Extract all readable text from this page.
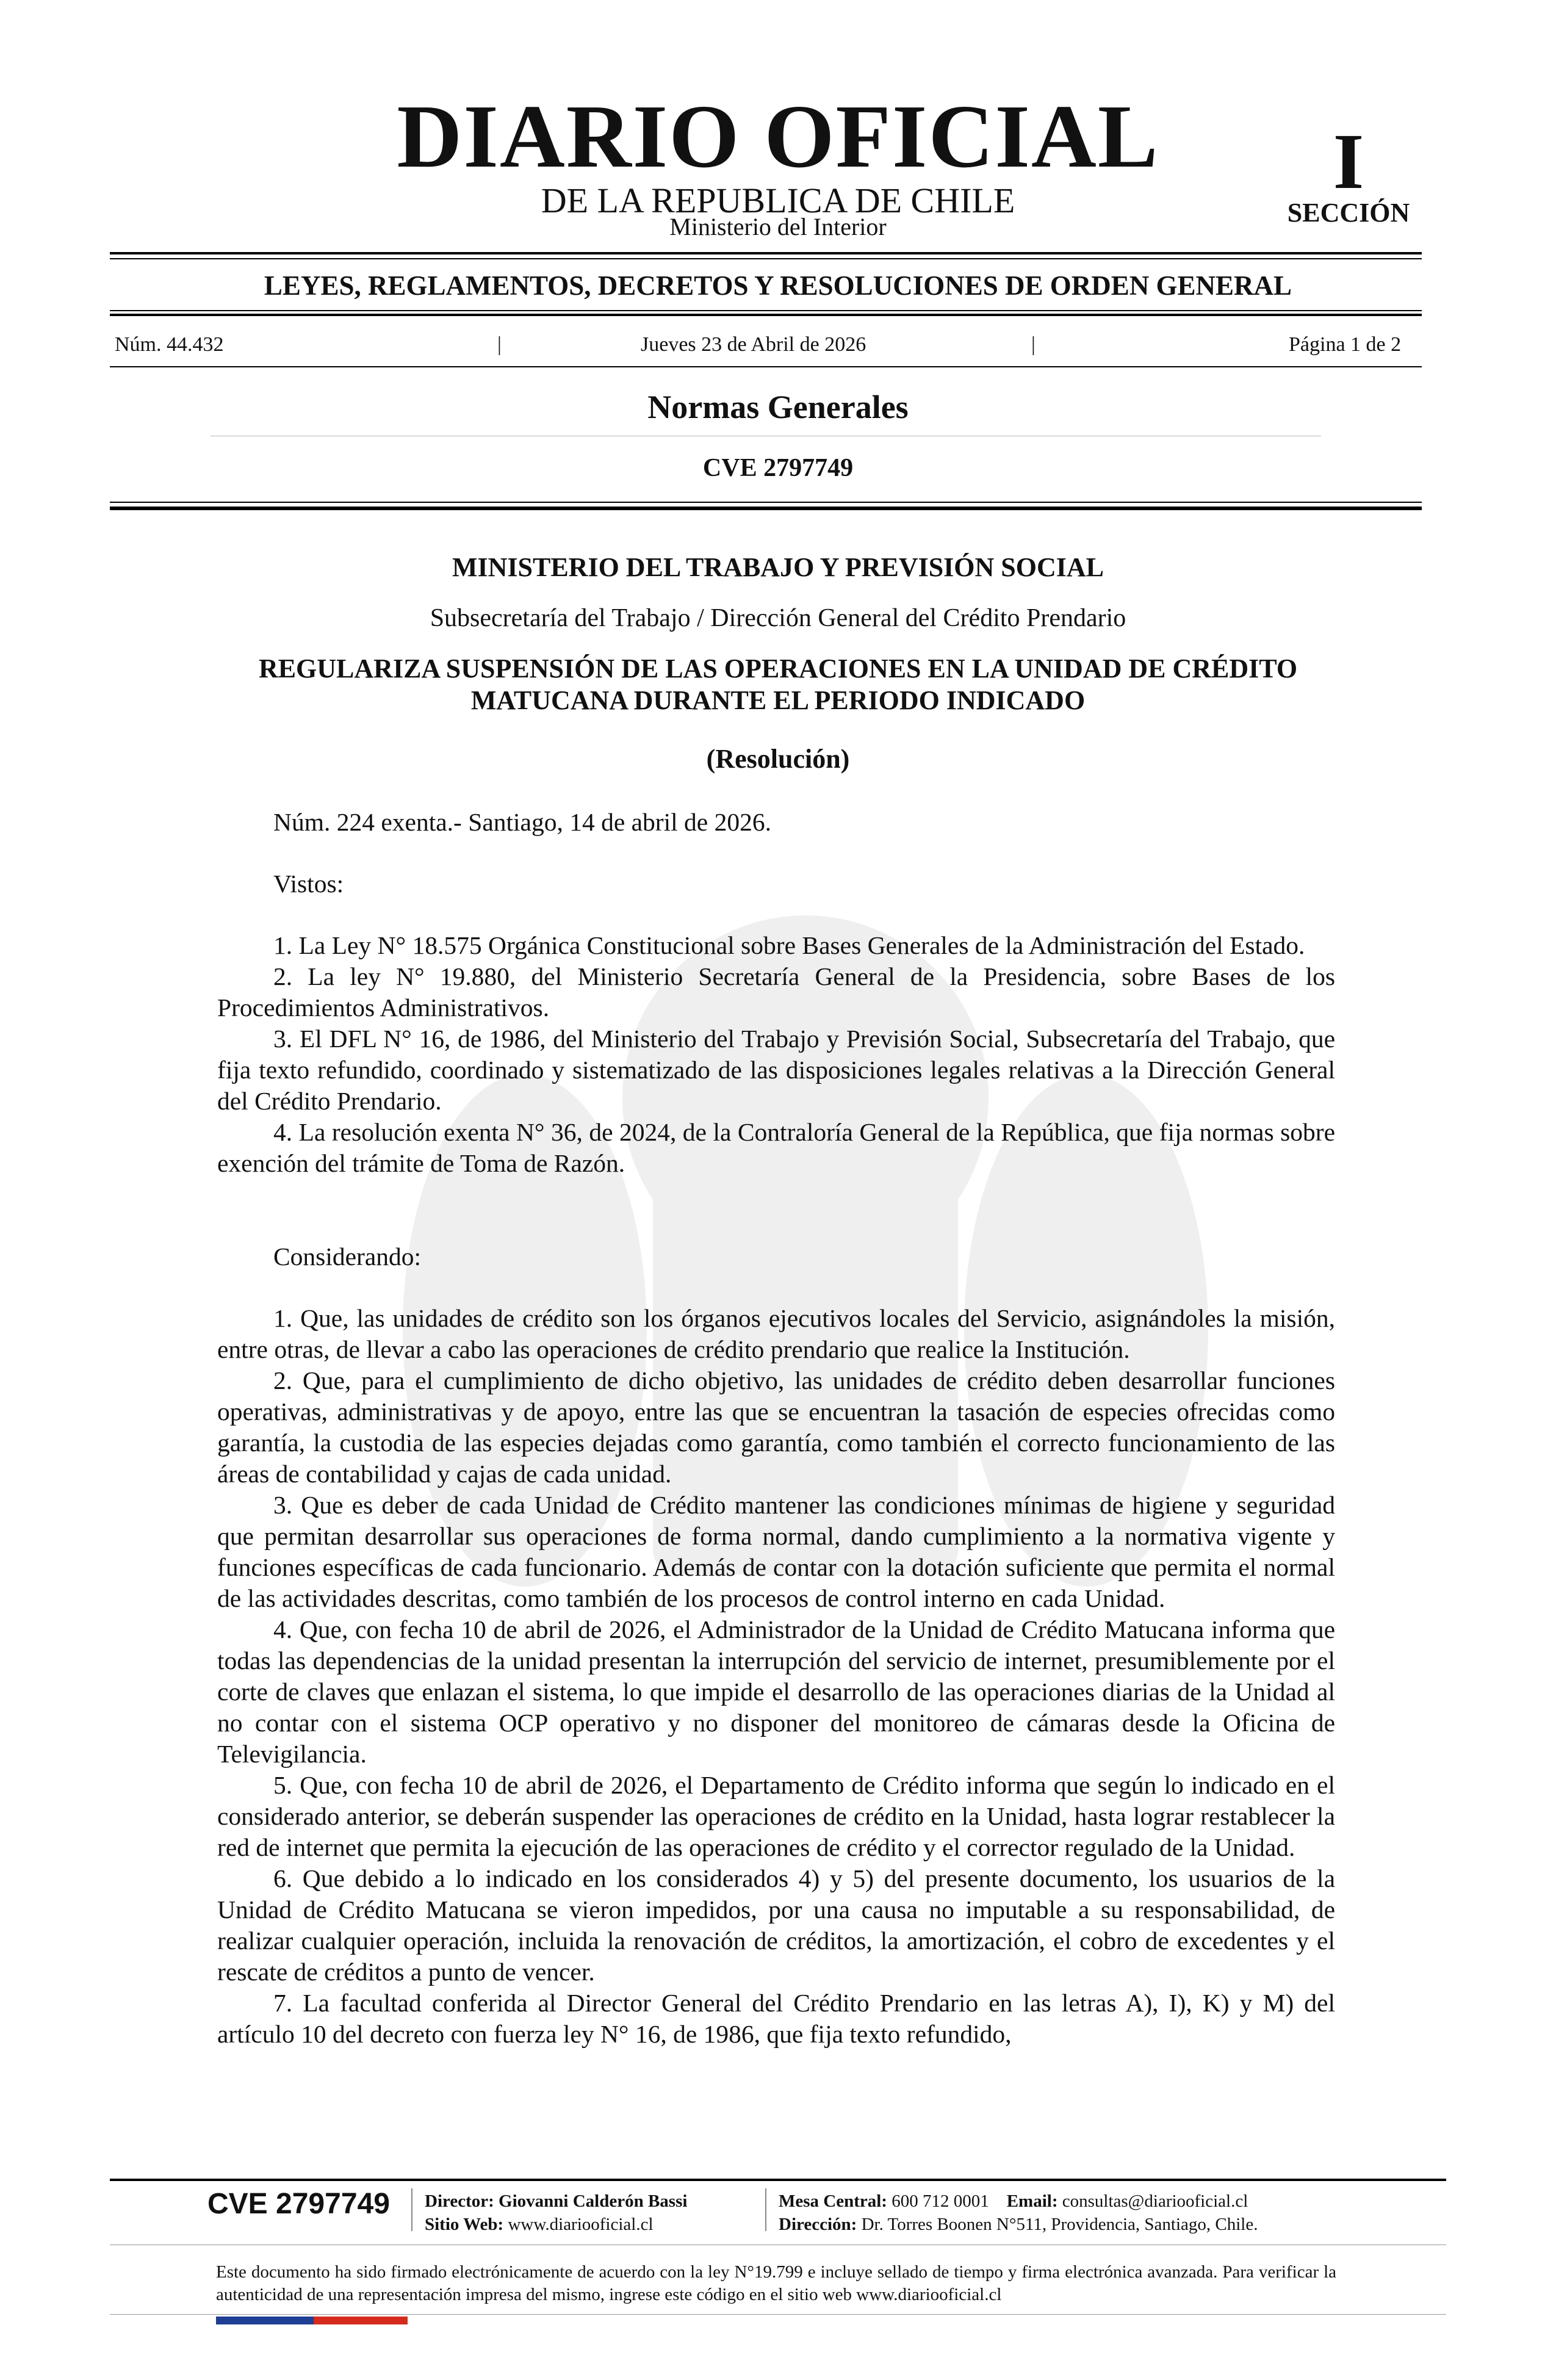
DIARIO OFICIAL
DE LA REPUBLICA DE CHILE
Ministerio del Interior
I
SECCIÓN
LEYES, REGLAMENTOS, DECRETOS Y RESOLUCIONES DE ORDEN GENERAL
Núm. 44.432	|	Jueves 23 de Abril de 2026	|	Página 1 de 2
Normas Generales
CVE 2797749
MINISTERIO DEL TRABAJO Y PREVISIÓN SOCIAL
Subsecretaría del Trabajo / Dirección General del Crédito Prendario
REGULARIZA SUSPENSIÓN DE LAS OPERACIONES EN LA UNIDAD DE CRÉDITO
MATUCANA DURANTE EL PERIODO INDICADO
(Resolución)
Núm. 224 exenta.- Santiago, 14 de abril de 2026.
Vistos:

1. La Ley N° 18.575 Orgánica Constitucional sobre Bases Generales de la Administración del Estado.

2. La ley N° 19.880, del Ministerio Secretaría General de la Presidencia, sobre Bases de los Procedimientos Administrativos.

3. El DFL N° 16, de 1986, del Ministerio del Trabajo y Previsión Social, Subsecretaría del Trabajo, que fija texto refundido, coordinado y sistematizado de las disposiciones legales relativas a la Dirección General del Crédito Prendario.

4. La resolución exenta N° 36, de 2024, de la Contraloría General de la República, que fija normas sobre exención del trámite de Toma de Razón.

Considerando:

1. Que, las unidades de crédito son los órganos ejecutivos locales del Servicio, asignándoles la misión, entre otras, de llevar a cabo las operaciones de crédito prendario que realice la Institución.

2. Que, para el cumplimiento de dicho objetivo, las unidades de crédito deben desarrollar funciones operativas, administrativas y de apoyo, entre las que se encuentran la tasación de especies ofrecidas como garantía, la custodia de las especies dejadas como garantía, como también el correcto funcionamiento de las áreas de contabilidad y cajas de cada unidad.

3. Que es deber de cada Unidad de Crédito mantener las condiciones mínimas de higiene y seguridad que permitan desarrollar sus operaciones de forma normal, dando cumplimiento a la normativa vigente y funciones específicas de cada funcionario. Además de contar con la dotación suficiente que permita el normal de las actividades descritas, como también de los procesos de control interno en cada Unidad.

4. Que, con fecha 10 de abril de 2026, el Administrador de la Unidad de Crédito Matucana informa que todas las dependencias de la unidad presentan la interrupción del servicio de internet, presumiblemente por el corte de claves que enlazan el sistema, lo que impide el desarrollo de las operaciones diarias de la Unidad al no contar con el sistema OCP operativo y no disponer del monitoreo de cámaras desde la Oficina de Televigilancia.

5. Que, con fecha 10 de abril de 2026, el Departamento de Crédito informa que según lo indicado en el considerado anterior, se deberán suspender las operaciones de crédito en la Unidad, hasta lograr restablecer la red de internet que permita la ejecución de las operaciones de crédito y el corrector regulado de la Unidad.

6. Que debido a lo indicado en los considerados 4) y 5) del presente documento, los usuarios de la Unidad de Crédito Matucana se vieron impedidos, por una causa no imputable a su responsabilidad, de realizar cualquier operación, incluida la renovación de créditos, la amortización, el cobro de excedentes y el rescate de créditos a punto de vencer.

7. La facultad conferida al Director General del Crédito Prendario en las letras A), I), K) y M) del artículo 10 del decreto con fuerza ley N° 16, de 1986, que fija texto refundido,

CVE 2797749 Director: Giovanni Calderón Bassi
Sitio Web: www.diariooficial.cl
Mesa Central: 600 712 0001 Email: consultas@diariooficial.cl
Dirección: Dr. Torres Boonen N°511, Providencia, Santiago, Chile.
Este documento ha sido firmado electrónicamente de acuerdo con la ley N°19.799 e incluye sellado de tiempo y firma electrónica avanzada. Para verificar la autenticidad de una representación impresa del mismo, ingrese este código en el sitio web www.diariooficial.cl
